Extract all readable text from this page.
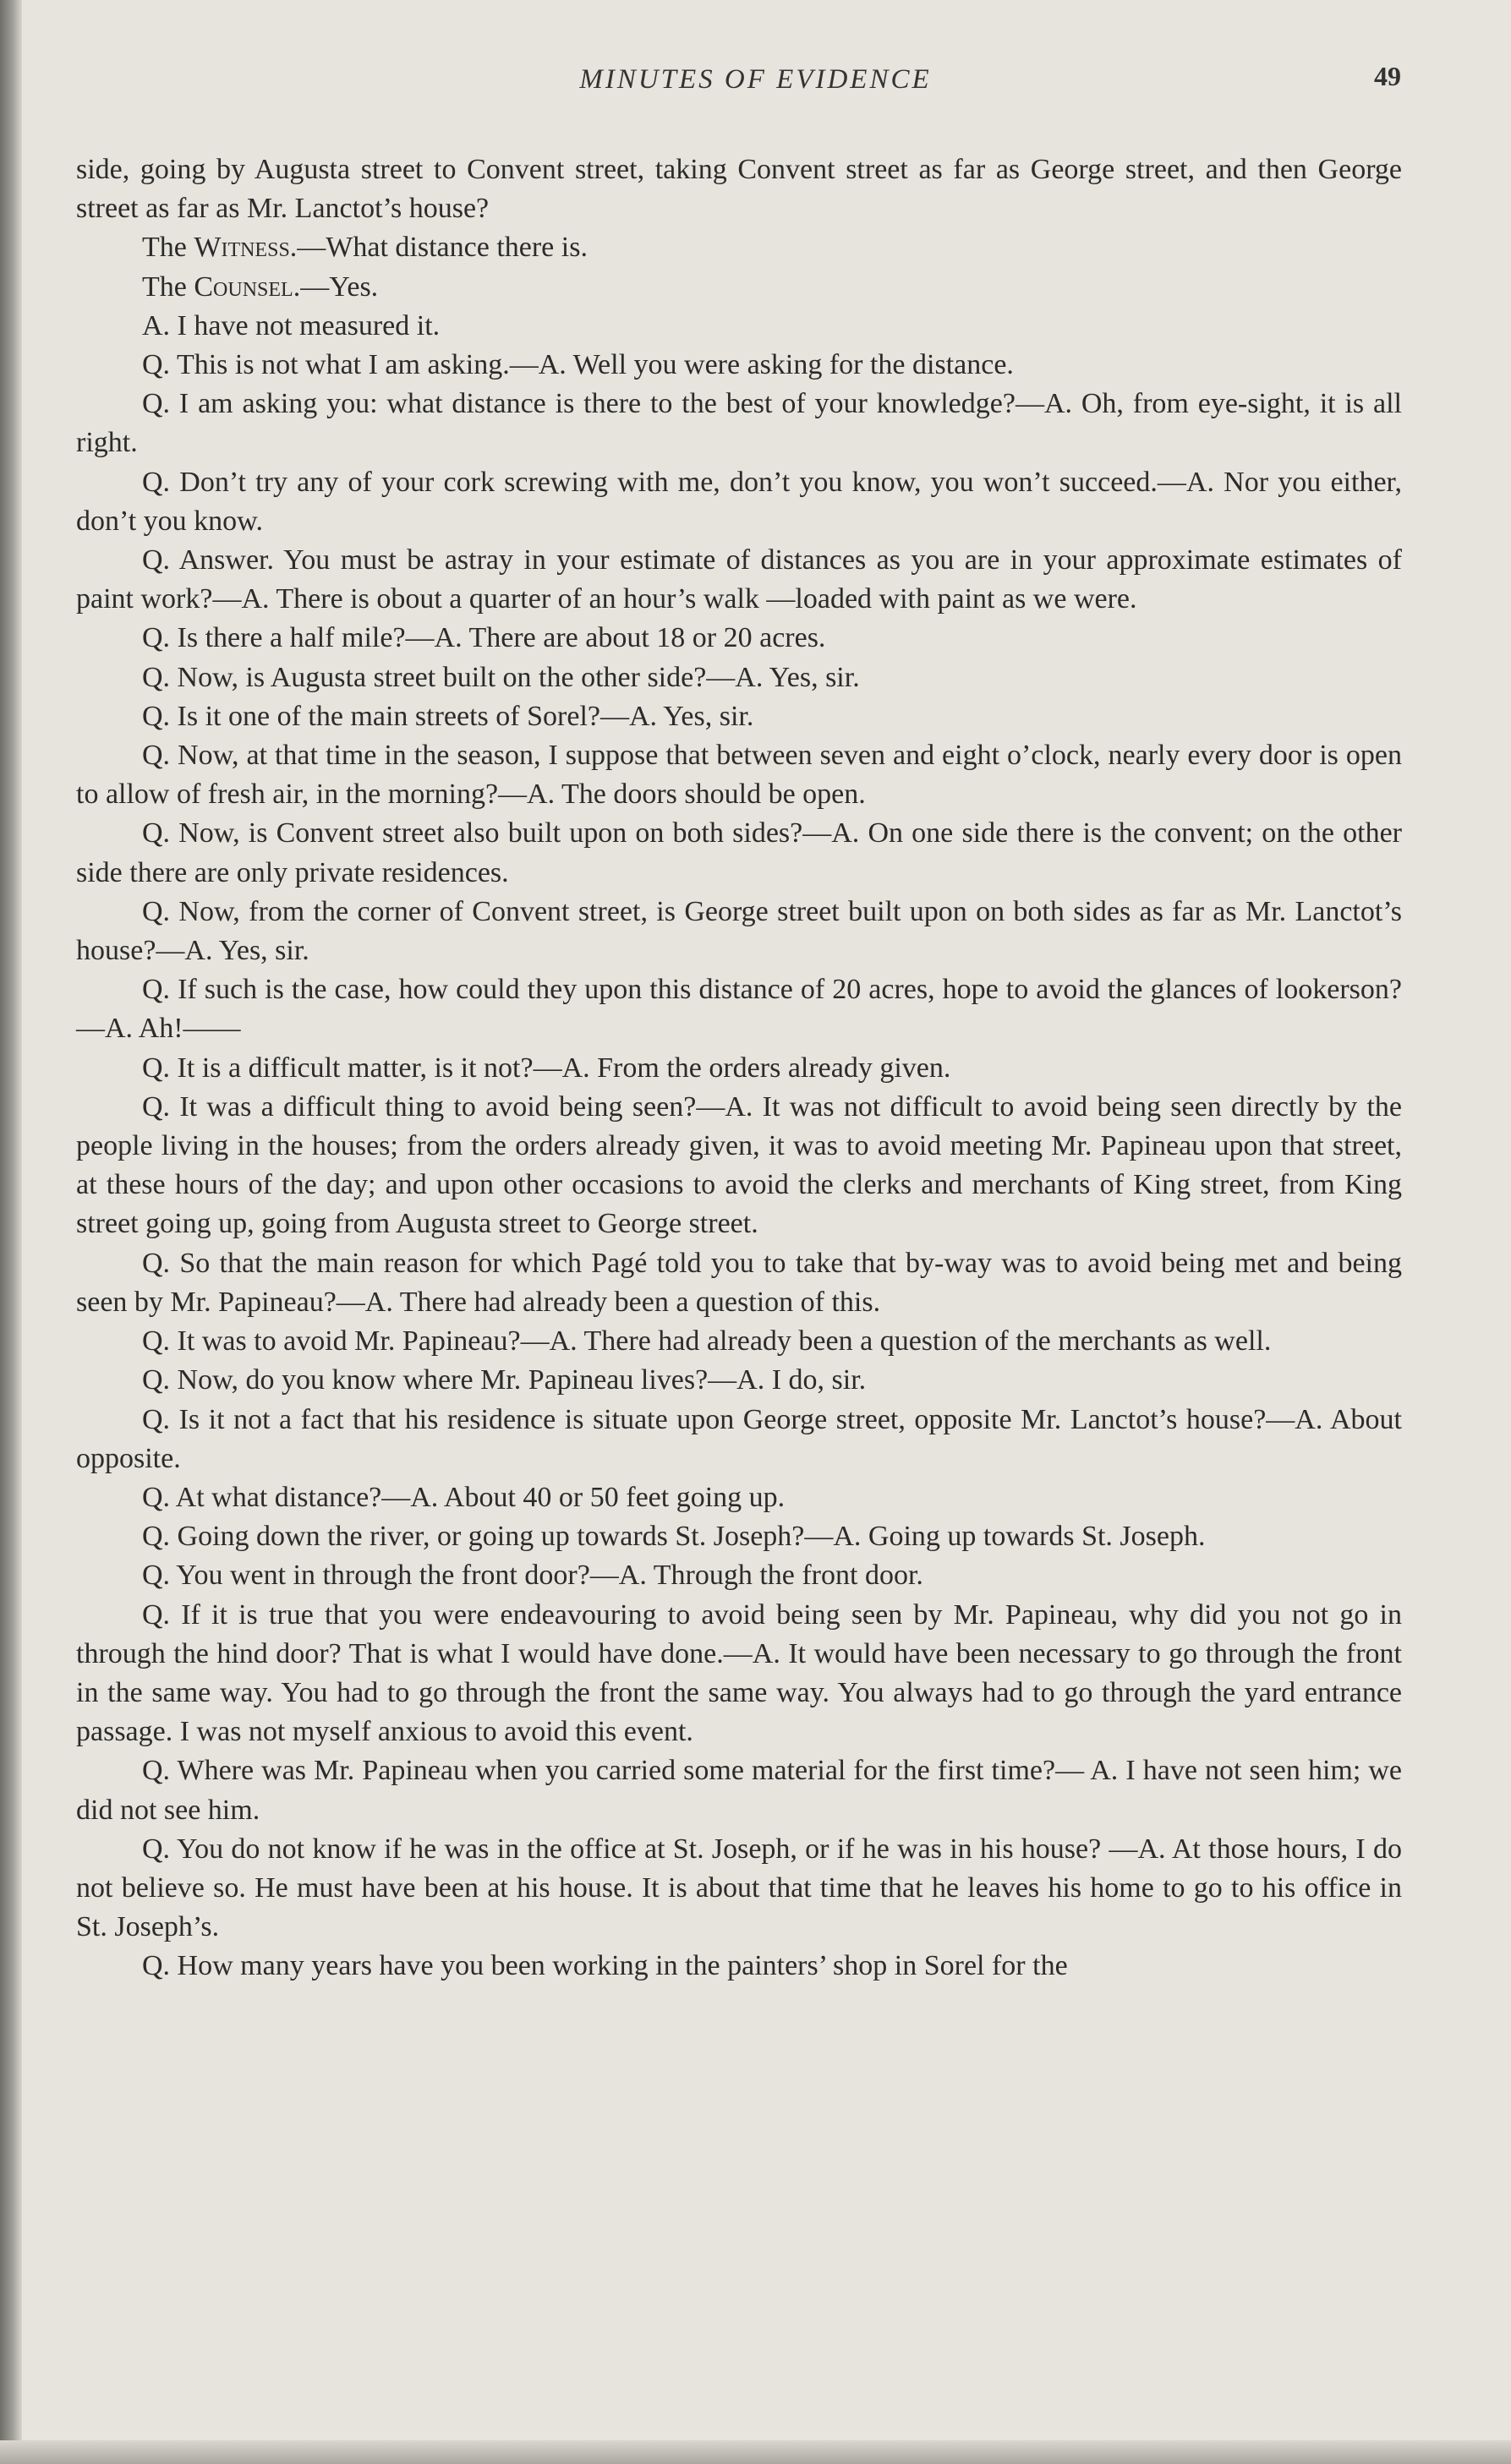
MINUTES OF EVIDENCE	49

side, going by Augusta street to Convent street, taking Convent street as far as George street, and then George street as far as Mr. Lanctot’s house?

The Witness.—What distance there is.

The Counsel.—Yes.

A. I have not measured it.

Q. This is not what I am asking.—A. Well you were asking for the distance.

Q. I am asking you: what distance is there to the best of your knowledge?—A. Oh, from eye-sight, it is all right.

Q. Don’t try any of your cork screwing with me, don’t you know, you won’t succeed.—A. Nor you either, don’t you know.

Q. Answer. You must be astray in your estimate of distances as you are in your approximate estimates of paint work?—A. There is obout a quarter of an hour’s walk —loaded with paint as we were.

Q. Is there a half mile?—A. There are about 18 or 20 acres.

Q. Now, is Augusta street built on the other side?—A. Yes, sir.

Q. Is it one of the main streets of Sorel?—A. Yes, sir.

Q. Now, at that time in the season, I suppose that between seven and eight o’clock, nearly every door is open to allow of fresh air, in the morning?—A. The doors should be open.

Q. Now, is Convent street also built upon on both sides?—A. On one side there is the convent; on the other side there are only private residences.

Q. Now, from the corner of Convent street, is George street built upon on both sides as far as Mr. Lanctot’s house?—A. Yes, sir.

Q. If such is the case, how could they upon this distance of 20 acres, hope to avoid the glances of lookerson?—A. Ah!——

Q. It is a difficult matter, is it not?—A. From the orders already given.

Q. It was a difficult thing to avoid being seen?—A. It was not difficult to avoid being seen directly by the people living in the houses; from the orders already given, it was to avoid meeting Mr. Papineau upon that street, at these hours of the day; and upon other occasions to avoid the clerks and merchants of King street, from King street going up, going from Augusta street to George street.

Q. So that the main reason for which Pagé told you to take that by-way was to avoid being met and being seen by Mr. Papineau?—A. There had already been a question of this.

Q. It was to avoid Mr. Papineau?—A. There had already been a question of the merchants as well.

Q. Now, do you know where Mr. Papineau lives?—A. I do, sir.

Q. Is it not a fact that his residence is situate upon George street, opposite Mr. Lanctot’s house?—A. About opposite.

Q. At what distance?—A. About 40 or 50 feet going up.

Q. Going down the river, or going up towards St. Joseph?—A. Going up towards St. Joseph.

Q. You went in through the front door?—A. Through the front door.

Q. If it is true that you were endeavouring to avoid being seen by Mr. Papineau, why did you not go in through the hind door? That is what I would have done.—A. It would have been necessary to go through the front in the same way. You had to go through the front the same way. You always had to go through the yard entrance passage. I was not myself anxious to avoid this event.

Q. Where was Mr. Papineau when you carried some material for the first time?— A. I have not seen him; we did not see him.

Q. You do not know if he was in the office at St. Joseph, or if he was in his house? —A. At those hours, I do not believe so. He must have been at his house. It is about that time that he leaves his home to go to his office in St. Joseph’s.

Q. How many years have you been working in the painters’ shop in Sorel for the
